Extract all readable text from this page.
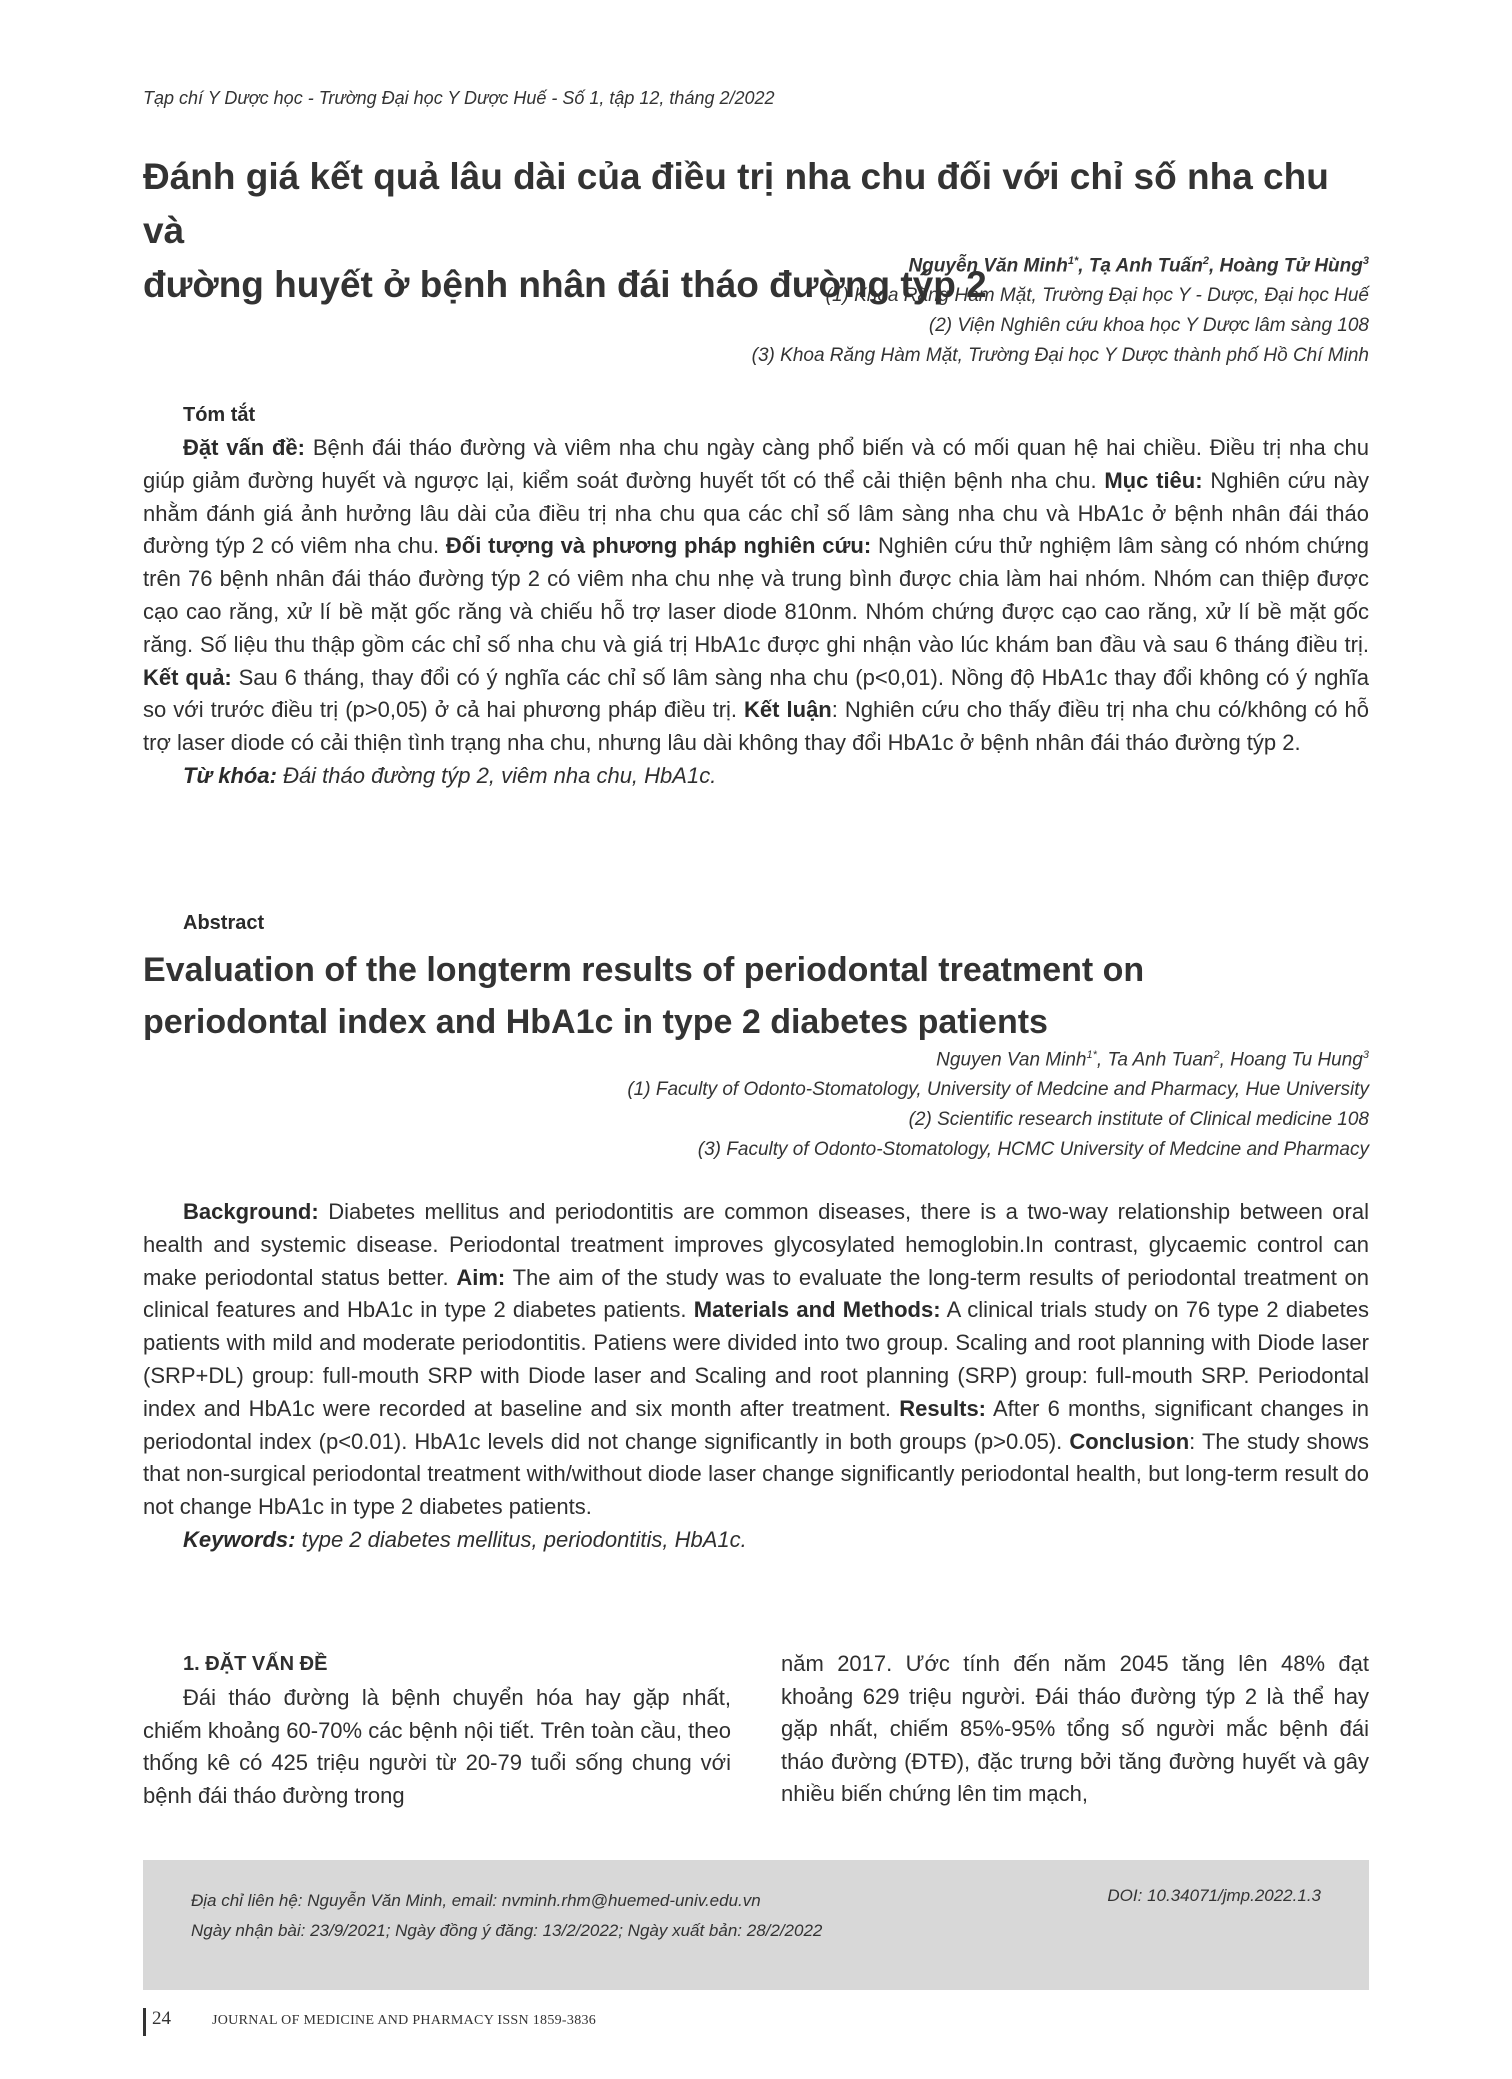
Tạp chí Y Dược học - Trường Đại học Y Dược Huế - Số 1, tập 12, tháng 2/2022
Đánh giá kết quả lâu dài của điều trị nha chu đối với chỉ số nha chu và
đường huyết ở bệnh nhân đái tháo đường týp 2
Nguyễn Văn Minh$^{1*}$, Tạ Anh Tuấn$^2$, Hoàng Tử Hùng$^3$
(1) Khoa Răng Hàm Mặt, Trường Đại học Y - Dược, Đại học Huế
(2) Viện Nghiên cứu khoa học Y Dược lâm sàng 108
(3) Khoa Răng Hàm Mặt, Trường Đại học Y Dược thành phố Hồ Chí Minh
Tóm tắt

Đặt vấn đề: Bệnh đái tháo đường và viêm nha chu ngày càng phổ biến và có mối quan hệ hai chiều. Điều trị nha chu giúp giảm đường huyết và ngược lại, kiểm soát đường huyết tốt có thể cải thiện bệnh nha chu. Mục tiêu: Nghiên cứu này nhằm đánh giá ảnh hưởng lâu dài của điều trị nha chu qua các chỉ số lâm sàng nha chu và HbA1c ở bệnh nhân đái tháo đường týp 2 có viêm nha chu. Đối tượng và phương pháp nghiên cứu: Nghiên cứu thử nghiệm lâm sàng có nhóm chứng trên 76 bệnh nhân đái tháo đường týp 2 có viêm nha chu nhẹ và trung bình được chia làm hai nhóm. Nhóm can thiệp được cạo cao răng, xử lí bề mặt gốc răng và chiếu hỗ trợ laser diode 810nm. Nhóm chứng được cạo cao răng, xử lí bề mặt gốc răng. Số liệu thu thập gồm các chỉ số nha chu và giá trị HbA1c được ghi nhận vào lúc khám ban đầu và sau 6 tháng điều trị. Kết quả: Sau 6 tháng, thay đổi có ý nghĩa các chỉ số lâm sàng nha chu (p<0,01). Nồng độ HbA1c thay đổi không có ý nghĩa so với trước điều trị (p>0,05) ở cả hai phương pháp điều trị. Kết luận: Nghiên cứu cho thấy điều trị nha chu có/không có hỗ trợ laser diode có cải thiện tình trạng nha chu, nhưng lâu dài không thay đổi HbA1c ở bệnh nhân đái tháo đường týp 2.

Từ khóa: Đái tháo đường týp 2, viêm nha chu, HbA1c.

Abstract
Evaluation of the longterm results of periodontal treatment on
periodontal index and HbA1c in type 2 diabetes patients
Nguyen Van Minh$^{1*}$, Ta Anh Tuan$^2$, Hoang Tu Hung$^3$
(1) Faculty of Odonto-Stomatology, University of Medcine and Pharmacy, Hue University
(2) Scientific research institute of Clinical medicine 108
(3) Faculty of Odonto-Stomatology, HCMC University of Medcine and Pharmacy

Background: Diabetes mellitus and periodontitis are common diseases, there is a two-way relationship between oral health and systemic disease. Periodontal treatment improves glycosylated hemoglobin.In contrast, glycaemic control can make periodontal status better. Aim: The aim of the study was to evaluate the long-term results of periodontal treatment on clinical features and HbA1c in type 2 diabetes patients. Materials and Methods: A clinical trials study on 76 type 2 diabetes patients with mild and moderate periodontitis. Patiens were divided into two group. Scaling and root planning with Diode laser (SRP+DL) group: full-mouth SRP with Diode laser and Scaling and root planning (SRP) group: full-mouth SRP. Periodontal index and HbA1c were recorded at baseline and six month after treatment. Results: After 6 months, significant changes in periodontal index (p<0.01). HbA1c levels did not change significantly in both groups (p>0.05). Conclusion: The study shows that non-surgical periodontal treatment with/without diode laser change significantly periodontal health, but long-term result do not change HbA1c in type 2 diabetes patients.

Keywords: type 2 diabetes mellitus, periodontitis, HbA1c.

1. ĐẶT VẤN ĐỀ

Đái tháo đường là bệnh chuyển hóa hay gặp nhất, chiếm khoảng 60-70% các bệnh nội tiết. Trên toàn cầu, theo thống kê có 425 triệu người từ 20-79 tuổi sống chung với bệnh đái tháo đường trong

năm 2017. Ước tính đến năm 2045 tăng lên 48% đạt khoảng 629 triệu người. Đái tháo đường týp 2 là thể hay gặp nhất, chiếm 85%-95% tổng số người mắc bệnh đái tháo đường (ĐTĐ), đặc trưng bởi tăng đường huyết và gây nhiều biến chứng lên tim mạch,

Địa chỉ liên hệ: Nguyễn Văn Minh, email: nvminh.rhm@huemed-univ.edu.vn
Ngày nhận bài: 23/9/2021; Ngày đồng ý đăng: 13/2/2022; Ngày xuất bản: 28/2/2022
DOI: 10.34071/jmp.2022.1.3
24	JOURNAL OF MEDICINE AND PHARMACY ISSN 1859-3836
